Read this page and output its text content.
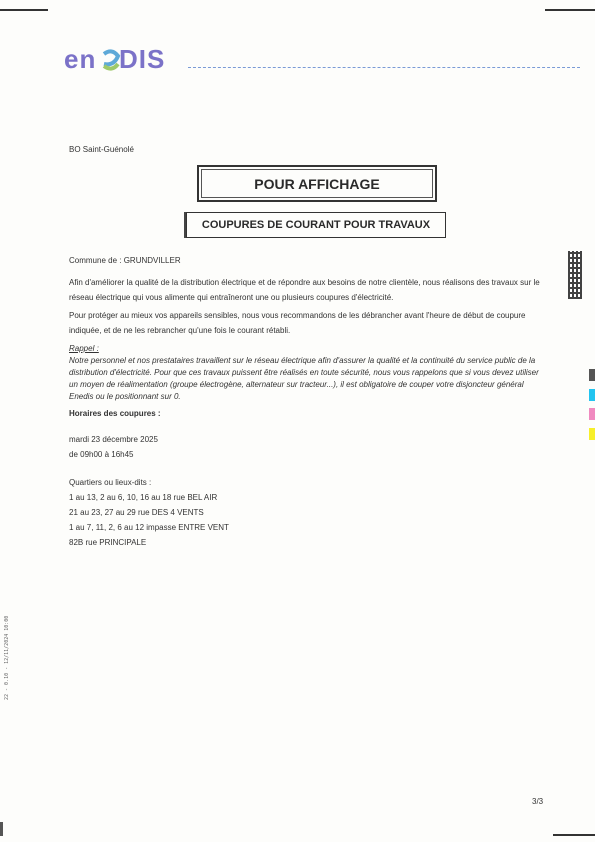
en DIS
BO Saint-Guénolé
POUR AFFICHAGE
COUPURES DE COURANT POUR TRAVAUX
Commune de : GRUNDVILLER
Afin d'améliorer la qualité de la distribution électrique et de répondre aux besoins de notre clientèle, nous réalisons des travaux sur le réseau électrique qui vous alimente qui entraîneront une ou plusieurs coupures d'électricité.
Pour protéger au mieux vos appareils sensibles, nous vous recommandons de les débrancher avant l'heure de début de coupure indiquée, et de ne les rebrancher qu'une fois le courant rétabli.
Rappel :
Notre personnel et nos prestataires travaillent sur le réseau électrique afin d'assurer la qualité et la continuité du service public de la distribution d'électricité. Pour que ces travaux puissent être réalisés en toute sécurité, nous vous rappelons que si vous devez utiliser un moyen de réalimentation (groupe électrogène, alternateur sur tracteur...), il est obligatoire de couper votre disjoncteur général Enedis ou le positionnant sur 0.
Horaires des coupures :
mardi 23 décembre 2025
de 09h00 à 16h45
Quartiers ou lieux-dits :
1 au 13, 2 au 6, 10, 16 au 18 rue BEL AIR
21 au 23, 27 au 29 rue DES 4 VENTS
1 au 7, 11, 2, 6 au 12 impasse ENTRE VENT
82B rue PRINCIPALE
22 - 0.10 - 12/11/2024 10:00
3/3
